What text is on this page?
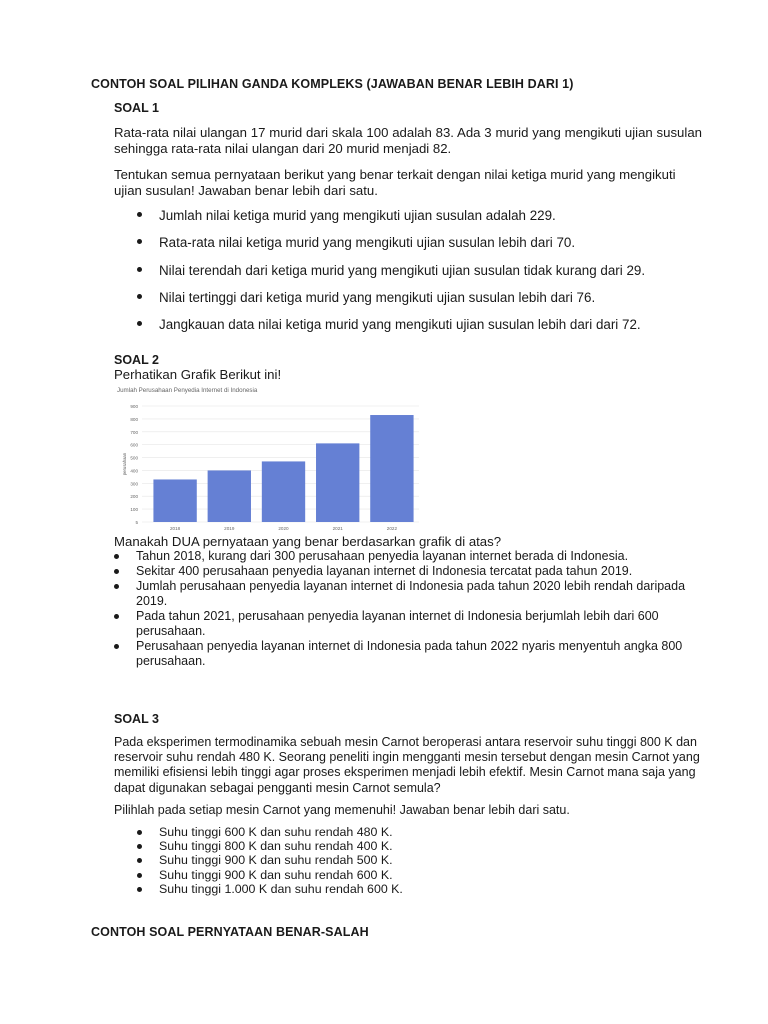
CONTOH SOAL PILIHAN GANDA KOMPLEKS (JAWABAN BENAR LEBIH DARI 1)

SOAL 1

Rata-rata nilai ulangan 17 murid dari skala 100 adalah 83. Ada 3 murid yang mengikuti ujian susulan sehingga rata-rata nilai ulangan dari 20 murid menjadi 82.

Tentukan semua pernyataan berikut yang benar terkait dengan nilai ketiga murid yang mengikuti ujian susulan! Jawaban benar lebih dari satu.

Jumlah nilai ketiga murid yang mengikuti ujian susulan adalah 229.
Rata-rata nilai ketiga murid yang mengikuti ujian susulan lebih dari 70.
Nilai terendah dari ketiga murid yang mengikuti ujian susulan tidak kurang dari 29.
Nilai tertinggi dari ketiga murid yang mengikuti ujian susulan lebih dari 76.
Jangkauan data nilai ketiga murid yang mengikuti ujian susulan lebih dari dari 72.

SOAL 2

Perhatikan Grafik Berikut ini!

Jumlah Perusahaan Penyedia Internet di Indonesia
5
100
200
300
400
500
600
700
800
900
perusahaan
2018	2019	2020	2021	2022

Manakah DUA pernyataan yang benar berdasarkan grafik di atas?

Tahun 2018, kurang dari 300 perusahaan penyedia layanan internet berada di Indonesia.
Sekitar 400 perusahaan penyedia layanan internet di Indonesia tercatat pada tahun 2019.
Jumlah perusahaan penyedia layanan internet di Indonesia pada tahun 2020 lebih rendah daripada 2019.
Pada tahun 2021, perusahaan penyedia layanan internet di Indonesia berjumlah lebih dari 600 perusahaan.
Perusahaan penyedia layanan internet di Indonesia pada tahun 2022 nyaris menyentuh angka 800 perusahaan.

SOAL 3

Pada eksperimen termodinamika sebuah mesin Carnot beroperasi antara reservoir suhu tinggi 800 K dan reservoir suhu rendah 480 K. Seorang peneliti ingin mengganti mesin tersebut dengan mesin Carnot yang memiliki efisiensi lebih tinggi agar proses eksperimen menjadi lebih efektif. Mesin Carnot mana saja yang dapat digunakan sebagai pengganti mesin Carnot semula?

Pilihlah pada setiap mesin Carnot yang memenuhi! Jawaban benar lebih dari satu.

Suhu tinggi 600 K dan suhu rendah 480 K.
Suhu tinggi 800 K dan suhu rendah 400 K.
Suhu tinggi 900 K dan suhu rendah 500 K.
Suhu tinggi 900 K dan suhu rendah 600 K.
Suhu tinggi 1.000 K dan suhu rendah 600 K.

CONTOH SOAL PERNYATAAN BENAR-SALAH
